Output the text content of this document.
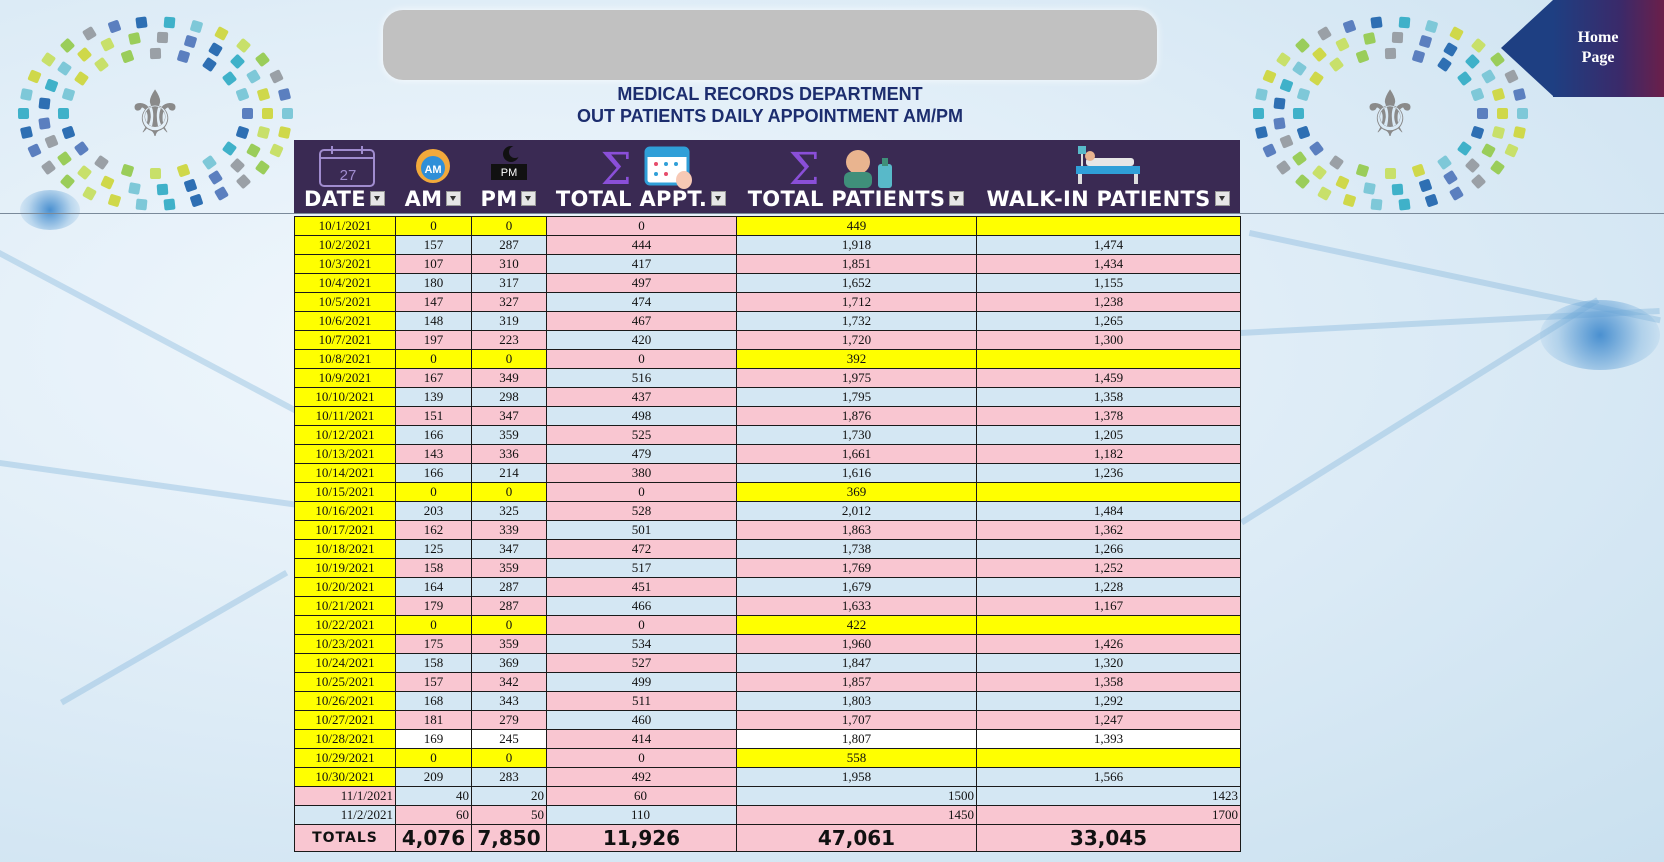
⚜	⚜
MEDICAL RECORDS DEPARTMENT
OUT PATIENTS DAILY APPOINTMENT AM/PM
Home
Page
27
DATE
AM
AM
PM
PM
Σ
TOTAL APPT.
Σ
TOTAL PATIENTS	WALK-IN PATIENTS
10/1/2021	0	0	0	449	
10/2/2021	157	287	444	1,918	1,474
10/3/2021	107	310	417	1,851	1,434
10/4/2021	180	317	497	1,652	1,155
10/5/2021	147	327	474	1,712	1,238
10/6/2021	148	319	467	1,732	1,265
10/7/2021	197	223	420	1,720	1,300
10/8/2021	0	0	0	392	
10/9/2021	167	349	516	1,975	1,459
10/10/2021	139	298	437	1,795	1,358
10/11/2021	151	347	498	1,876	1,378
10/12/2021	166	359	525	1,730	1,205
10/13/2021	143	336	479	1,661	1,182
10/14/2021	166	214	380	1,616	1,236
10/15/2021	0	0	0	369	
10/16/2021	203	325	528	2,012	1,484
10/17/2021	162	339	501	1,863	1,362
10/18/2021	125	347	472	1,738	1,266
10/19/2021	158	359	517	1,769	1,252
10/20/2021	164	287	451	1,679	1,228
10/21/2021	179	287	466	1,633	1,167
10/22/2021	0	0	0	422	
10/23/2021	175	359	534	1,960	1,426
10/24/2021	158	369	527	1,847	1,320
10/25/2021	157	342	499	1,857	1,358
10/26/2021	168	343	511	1,803	1,292
10/27/2021	181	279	460	1,707	1,247
10/28/2021	169	245	414	1,807	1,393
10/29/2021	0	0	0	558	
10/30/2021	209	283	492	1,958	1,566
11/1/2021	40	20	60	1500	1423
11/2/2021	60	50	110	1450	1700
TOTALS	4,076	7,850	11,926	47,061	33,045
